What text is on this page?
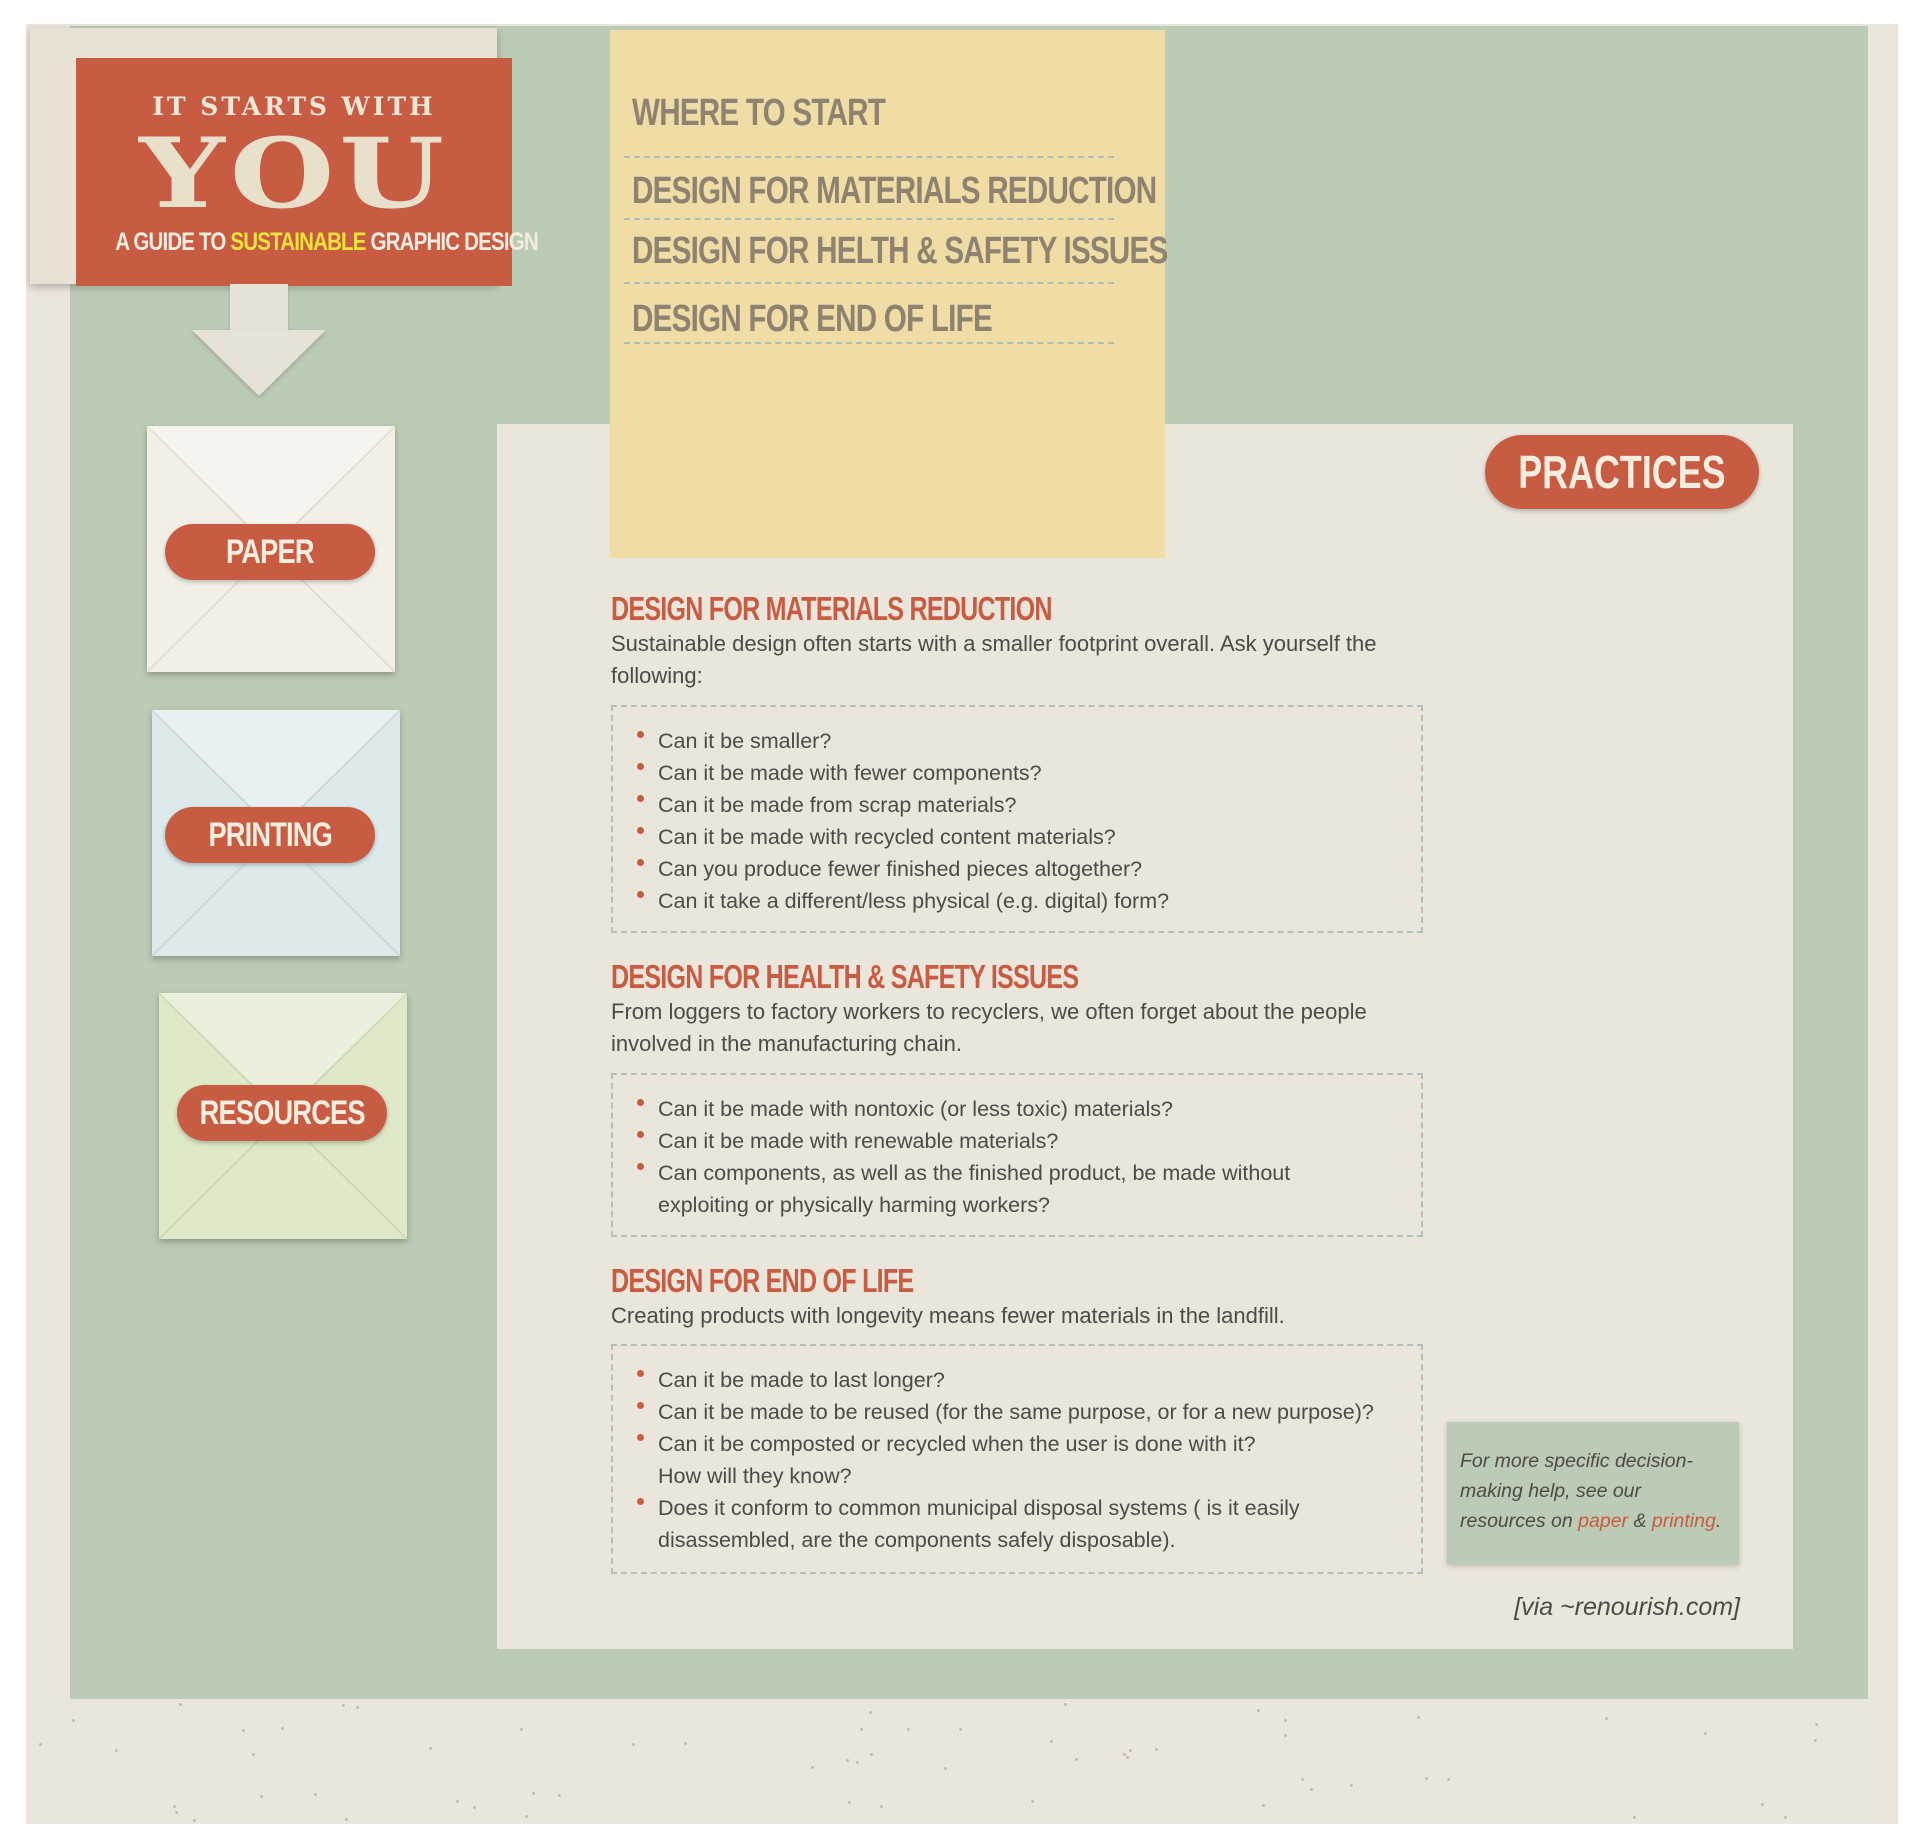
IT STARTS WITH
YOU
A GUIDE TO SUSTAINABLE GRAPHIC DESIGN
PAPER
PRINTING
RESOURCES
WHERE TO START
DESIGN FOR MATERIALS REDUCTION
DESIGN FOR HELTH & SAFETY ISSUES
DESIGN FOR END OF LIFE
PRACTICES
DESIGN FOR MATERIALS REDUCTION
Sustainable design often starts with a smaller footprint overall. Ask yourself the following:
Can it be smaller?
Can it be made with fewer components?
Can it be made from scrap materials?
Can it be made with recycled content materials?
Can you produce fewer finished pieces altogether?
Can it take a different/less physical (e.g. digital) form?
DESIGN FOR HEALTH & SAFETY ISSUES
From loggers to factory workers to recyclers, we often forget about the people involved in the manufacturing chain.
Can it be made with nontoxic (or less toxic) materials?
Can it be made with renewable materials?
Can components, as well as the finished product, be made without exploiting or physically harming workers?
DESIGN FOR END OF LIFE
Creating products with longevity means fewer materials in the landfill.
Can it be made to last longer?
Can it be made to be reused (for the same purpose, or for a new purpose)?
Can it be composted or recycled when the user is done with it? How will they know?
Does it conform to common municipal disposal systems ( is it easily disassembled, are the components safely disposable).

For more specific decision-making help, see our resources on paper & printing.

[via ~renourish.com]
